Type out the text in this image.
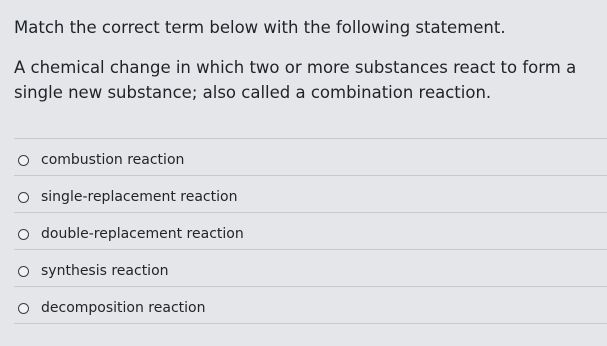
Match the correct term below with the following statement.
A chemical change in which two or more substances react to form a single new substance; also called a combination reaction.
combustion reaction
single-replacement reaction
double-replacement reaction
synthesis reaction
decomposition reaction
